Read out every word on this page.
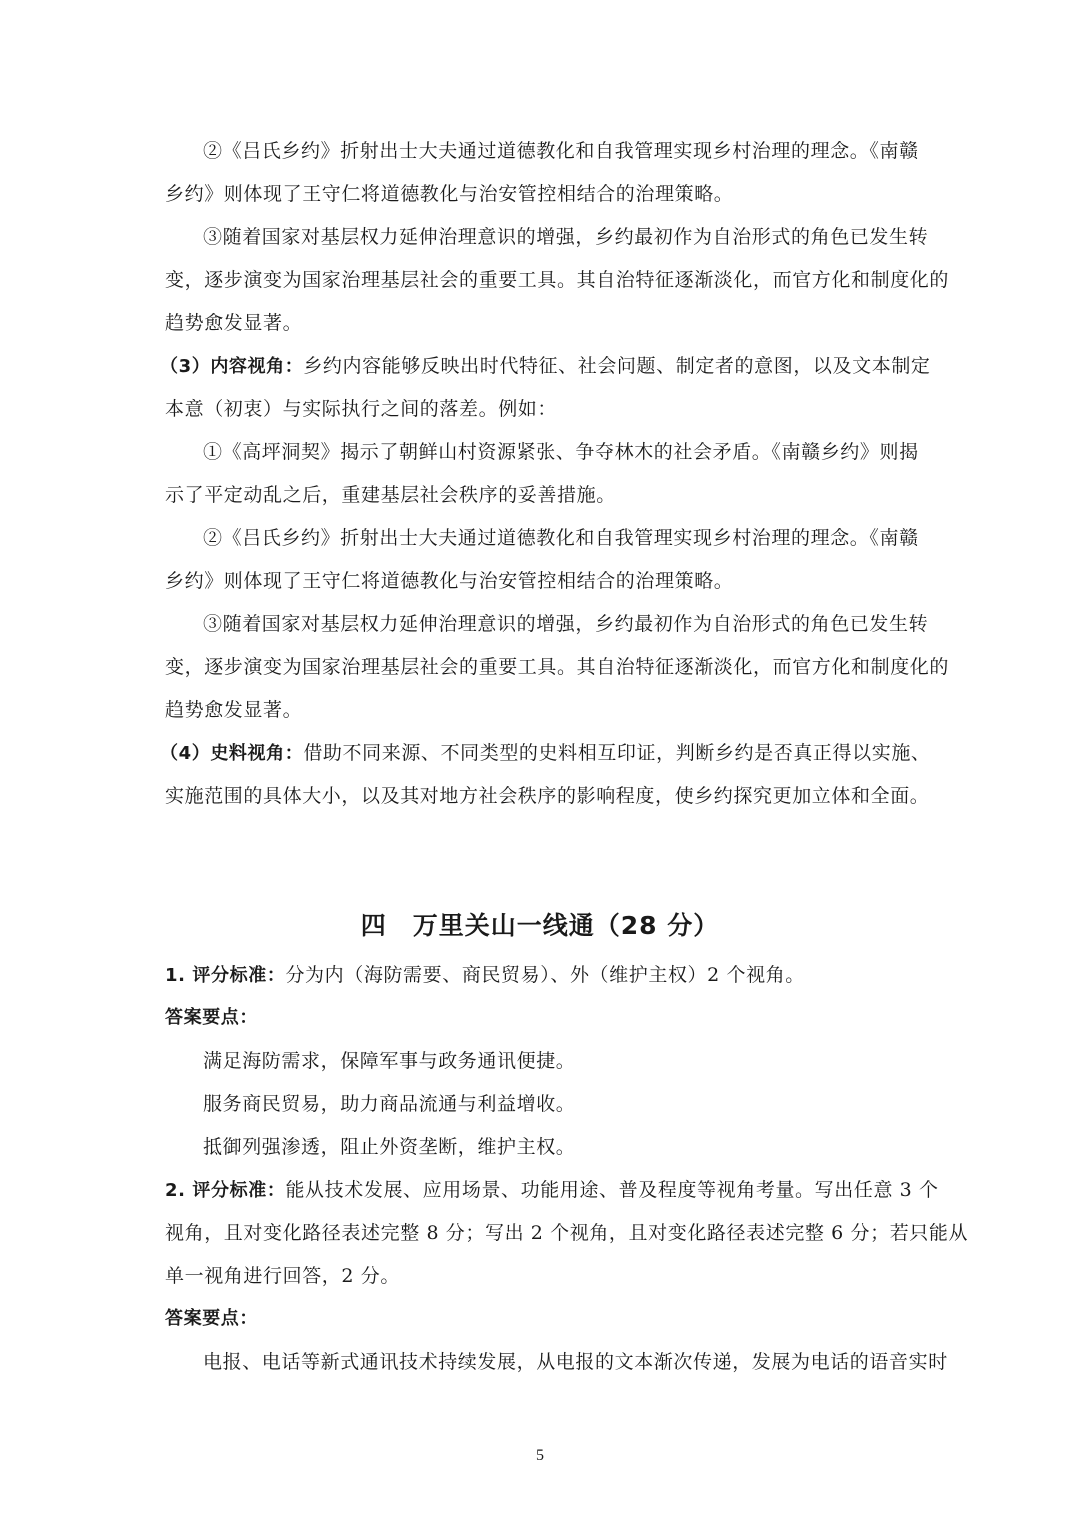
②《吕氏乡约》折射出士大夫通过道德教化和自我管理实现乡村治理的理念。《南赣
乡约》则体现了王守仁将道德教化与治安管控相结合的治理策略。
③随着国家对基层权力延伸治理意识的增强，乡约最初作为自治形式的角色已发生转
变，逐步演变为国家治理基层社会的重要工具。其自治特征逐渐淡化，而官方化和制度化的
趋势愈发显著。
（3）内容视角：乡约内容能够反映出时代特征、社会问题、制定者的意图，以及文本制定
本意（初衷）与实际执行之间的落差。例如：
①《高坪洞契》揭示了朝鲜山村资源紧张、争夺林木的社会矛盾。《南赣乡约》则揭
示了平定动乱之后，重建基层社会秩序的妥善措施。
②《吕氏乡约》折射出士大夫通过道德教化和自我管理实现乡村治理的理念。《南赣
乡约》则体现了王守仁将道德教化与治安管控相结合的治理策略。
③随着国家对基层权力延伸治理意识的增强，乡约最初作为自治形式的角色已发生转
变，逐步演变为国家治理基层社会的重要工具。其自治特征逐渐淡化，而官方化和制度化的
趋势愈发显著。
（4）史料视角：借助不同来源、不同类型的史料相互印证，判断乡约是否真正得以实施、
实施范围的具体大小，以及其对地方社会秩序的影响程度，使乡约探究更加立体和全面。
四　万里关山一线通（28 分）
1. 评分标准：分为内（海防需要、商民贸易）、外（维护主权）2 个视角。
答案要点：
满足海防需求，保障军事与政务通讯便捷。
服务商民贸易，助力商品流通与利益增收。
抵御列强渗透，阻止外资垄断，维护主权。
2. 评分标准：能从技术发展、应用场景、功能用途、普及程度等视角考量。写出任意 3 个
视角，且对变化路径表述完整 8 分；写出 2 个视角，且对变化路径表述完整 6 分；若只能从
单一视角进行回答，2 分。
答案要点：
电报、电话等新式通讯技术持续发展，从电报的文本渐次传递，发展为电话的语音实时
5
